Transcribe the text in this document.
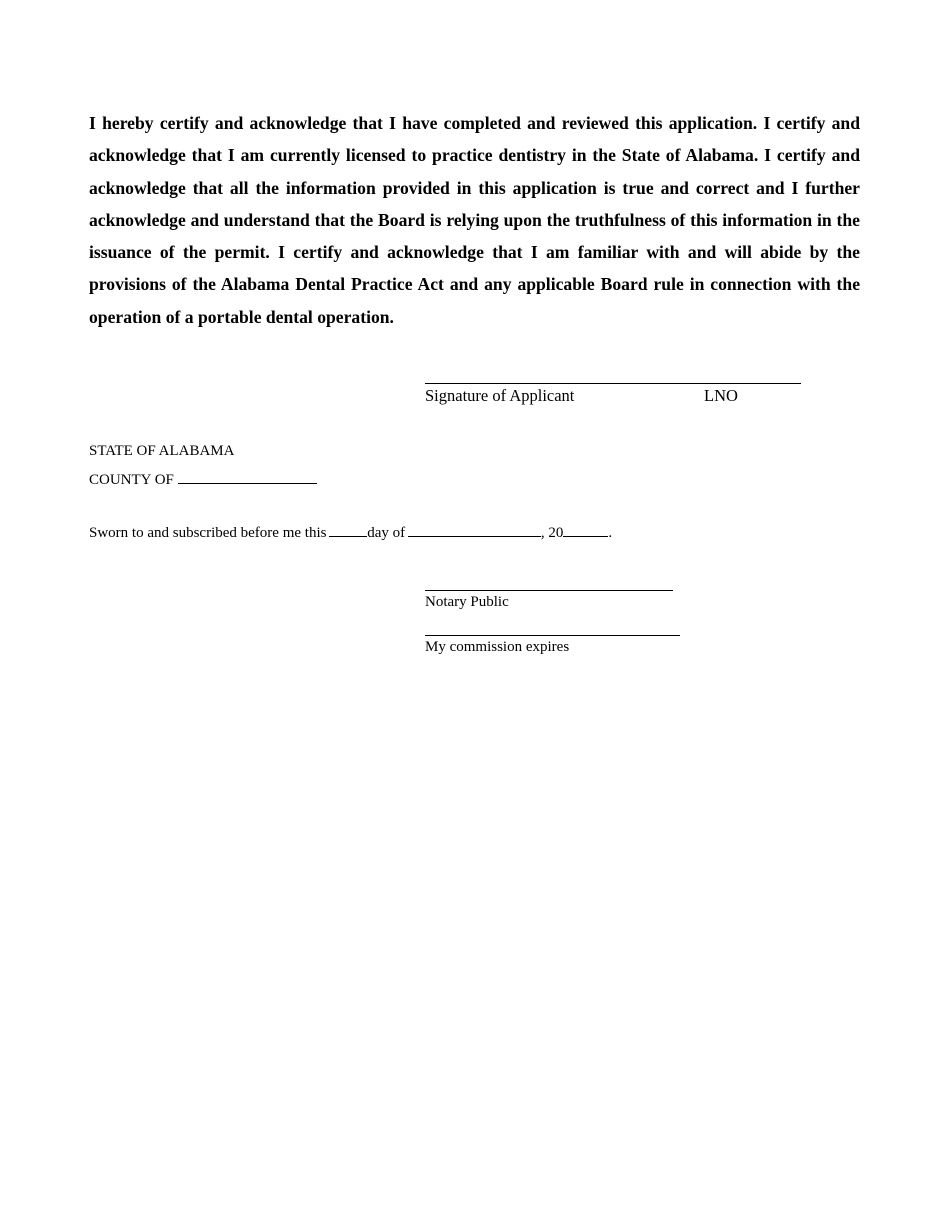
I hereby certify and acknowledge that I have completed and reviewed this application. I certify and acknowledge that I am currently licensed to practice dentistry in the State of Alabama. I certify and acknowledge that all the information provided in this application is true and correct and I further acknowledge and understand that the Board is relying upon the truthfulness of this information in the issuance of the permit. I certify and acknowledge that I am familiar with and will abide by the provisions of the Alabama Dental Practice Act and any applicable Board rule in connection with the operation of a portable dental operation.

Signature of Applicant	LNO
STATE OF ALABAMA
COUNTY OF
Sworn to and subscribed before me this	day of	, 20	.
Notary Public
My commission expires
